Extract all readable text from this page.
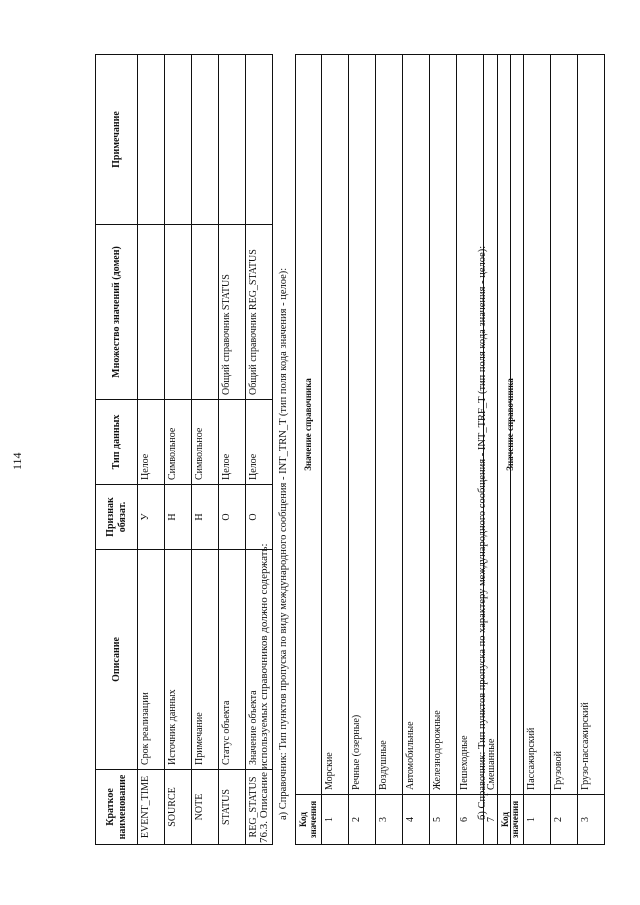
114
Краткое наименование	Описание	Признак обязат.	Тип данных	Множество значений (домен)	Примечание
EVENT_TIME	Срок реализации	У	Целое		
SOURCE	Источник данных	Н	Символьное		
NOTE	Примечание	Н	Символьное		
STATUS	Статус объекта	О	Целое	Общий справочник STATUS	
REG_STATUS	Значение объекта	О	Целое	Общий справочник REG_STATUS	
76.3. Описание используемых справочников должно содержать: а) Справочник: Тип пунктов пропуска по виду международного сообщения - INT_TRN_T (тип поля кода значения - целое): Код значения	Значение справочника
1	Морские
2	Речные (озерные)
3	Воздушные
4	Автомобильные
5	Железнодорожные
6	Пешеходные
7	Смешанные
б) Справочник: Тип пунктов пропуска по характеру международного сообщения - INT_TRF_T (тип поля кода значения - целое): Код значения	Значение справочника
1	Пассажирский
2	Грузовой
3	Грузо-пассажирский
